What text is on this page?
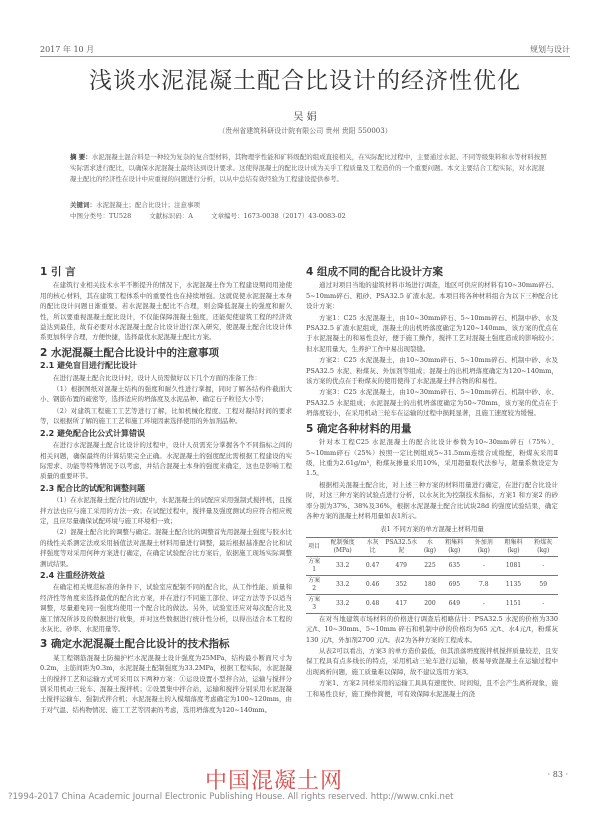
2017 年 10 月	规划与设计
浅谈水泥混凝土配合比设计的经济性优化
吴 娟
（贵州省建筑科研设计院有限公司 贵州 贵阳 550003）
摘 要：水泥混凝土混合料是一种较为复杂的复合型材料，其物理学性能和矿料级配的组成直接相关，在实际配比过程中，主要通过水泥、不同等级集料和水等材料按照实际需求进行配比，以确保水泥混凝土最终达到设计要求。这使得混凝土的配比设计成为关乎工程质量及工程造价的一个重要问题。本文主要结合工程实际，对水泥混凝土配比的经济性在设计中应重视的问题进行分析，以从中总结有效经验为工程建设提供参考。
关键词：水泥混凝土；配合比设计；注意事项
中图分类号：TU528	文献标识码：A	文章编号：1673-0038（2017）43-0083-02
1 引 言
在建筑行业相关技术水平不断提升的情况下，水泥混凝土作为工程建设期间用途使用的核心材料，其在建筑工程体系中的重要性也在持续增强。这就促使水泥混凝土本身的配比设计问题日渐重要。若水泥混凝土配比不合理，则会降低混凝土的强度和耐久性，所以要重视混凝土配比设计，不仅能保障混凝土强度，还能促使建筑工程的经济效益达到最佳，故有必要对水泥混凝土配合比设计进行深入研究，使混凝土配合比设计体系更加科学合理，方便快捷，选择最优水泥混凝土配比方案。
2 水泥混凝土配合比设计中的注意事项
2.1 避免盲目进行配比设计
在进行混凝土配合比设计时，设计人员需做好以下几个方面的准备工作：
（1）根据图纸对混凝土结构的强度和耐久性进行掌握，同时了解各结构件截面大小、钢筋布置的疏密等，选择适应的坍落度及水泥品种、确定石子粒径大小等；
（2）对建筑工程施工工艺等进行了解，比如机械化程度、工程对凝结时间的要求等，以根据所了解的施工工艺和施工环境因素选择使用的外加剂品种。
2.2 避免配合比公式计算错误
在进行水泥混凝土配合比设计的过程中，设计人员需充分掌握各个不同指标之间的相关问题，确保最终的计算结果完全正确。水泥混凝土的强度配比需根据工程建设的实际需求、功能等特殊情况予以考虑，并结合混凝土本身的强度来确定，这也是影响工程质量的重要环节。
2.3 配合比的试配和调整问题
（1）在水泥混凝土配合比的试配中，水泥混凝土的试配应采用强制式搅拌机，且搅拌方法也应与施工采用的方法一致；在试配过程中，搅拌量及强度测试均应符合相应规定，且应尽量确保试配环境与施工环境相一致；
（2）混凝土配合比的调整与确定。混凝土配合比的调整首先用混凝土强度与胶水比的线性关系测定法或采用插值法对混凝土材料用量进行调整，最后根据基准配合比和试拌强度等对采用何种方案进行确定，在确定试验配合比方案后，依据施工现场实际调整测试结果。
2.4 注重经济效益
在确定相关规范标准的条件下，试验室应配制不同的配合比，从工作性能、质量和经济性等角度来选择最优的配合比方案，并在进行不同施工部位、评定方法等予以适当调整，尽量避免同一强度均使用一个配合比的做法。另外，试验室还应对每次配合比及施工情况所涉及的数据进行收集，并对这些数据进行统计性分析，以得出适合本工程的水灰比、砂率、水泥用量等。
3 确定水泥混凝土配合比设计的技术指标
某工程钢筋混凝土防撞护栏水泥混凝土设计强度为25MPa，结构最小断面尺寸为0.2m，主筋间距为0.3m，水泥混凝土配制强度为33.2MPa，根据工程实际，水泥混凝土的搅拌工艺和运输方式可采用以下两种方案：①运设设置小型拌合站，运输与搅拌分别采用机动三轮车、混凝土搅拌机；②设置集中拌合站，运输和搅拌分别采用水泥混凝土搅拌运输车、强制式拌合机；水泥混凝土的入模塌落度考虑确定为100~120mm，由于对气温、结构物情况、施工工艺等因素的考虑，选用坍落度为120~140mm。
4 组成不同的配合比设计方案
通过对项目当地的建筑材料市场进行调查，地区可供应的材料有10~30mm碎石、5~10mm碎石、粗砂、PSA32.5 矿渣水泥。本项目将各种材料组合为以下三种配合比设计方案：
方案1：C25 水泥混凝土，由10~30mm碎石、5~10mm碎石、机制中砂、水及PSA32.5 矿渣水泥组成，混凝土的出机坍落度确定为120~140mm，该方案的优点在于水泥混凝土的和易性良好，便于施工操作，搅拌工艺对混凝土强度造成的影响较小；但水泥用量大，生养护工作中易出现裂缝。
方案2：C25 水泥混凝土，由10~30mm碎石、5~10mm碎石、机制中砂、水及PSA32.5 水泥、粉煤灰、外加剂等组成；混凝土的出机坍落度确定为120~140mm，该方案的优点在于粉煤灰的使用使得了水泥混凝土拌合物的和易性。
方案3：C25 水泥混凝土，由10~30mm碎石、5~10mm碎石、机制中砂、水、PSA32.5 水泥组成；水泥混凝土的出机坍落度确定为50~70mm，该方案的优点在于坍落度较小，在采用机动三轮车在运输的过程中损耗显著，且施工速度较为缓慢。
5 确定各种材料的用量
针对本工程C25 水泥混凝土的配合比设计参数为10~30mm碎石（75%）、5~10mm碎石（25%）按照一定比例组成5~31.5mm连续合成级配，粉煤灰采用Ⅱ级，比重为2.61g/m³，粉煤灰掺量采用10%，采用超量取代法参与，超量系数设定为1.5。
根据相关混凝土配合比，对上述三种方案的材料用量进行确定，在进行配合比设计时，对这三种方案的试验点进行分析，以水灰比为控制技术指标，方案1 和方案2 的砂率分别为37%、38%及36%，根据水泥混凝土配合比试块28d 的强度试验结果，确定各种方案的混凝土材料用量如表1所示。
表1 不同方案的单方混凝土材料用量
项目	配制强度(MPa)	水灰比	PSA32.5水泥	水(kg)	粗集料(kg)	外加剂(kg)	粗集料(kg)	粉煤灰(kg)
方案1	33.2	0.47	479	225	635	-	1081	-
方案2	33.2	0.46	352	180	695	7.8	1135	59
方案3	33.2	0.48	417	200	649	-	1151	-
在对当地建筑市场材料的价格进行调查后相略估计：PSA32.5 水泥的价格为330 元/t、10~30mm、5~10mm 碎石和机制中砂的价格均为65 元/t、水4元/t，粉煤灰130 元/t，外加剂2700 元/t。表2为各种方案的工程成本。
从表2可以看出，方案3 的单方造价最低，但其浪落坍度搅拌机搅拌质量较差，且安保工程具有点多线长的特点，采用机动三轮车进行运输，极易导致混凝土在运输过程中出现离析问题，施工质量难以保障，故不建议选用方案3。
方案1、方案2 同样采用的运输工具具有速度快、时间短，且不会产生离析现象，施工和易性良好，施工操作简便，可有效保障水泥混凝土的浇
中国混凝土网	· 83 ·
?1994-2017 China Academic Journal Electronic Publishing House. All rights reserved. http://www.cnki.net
